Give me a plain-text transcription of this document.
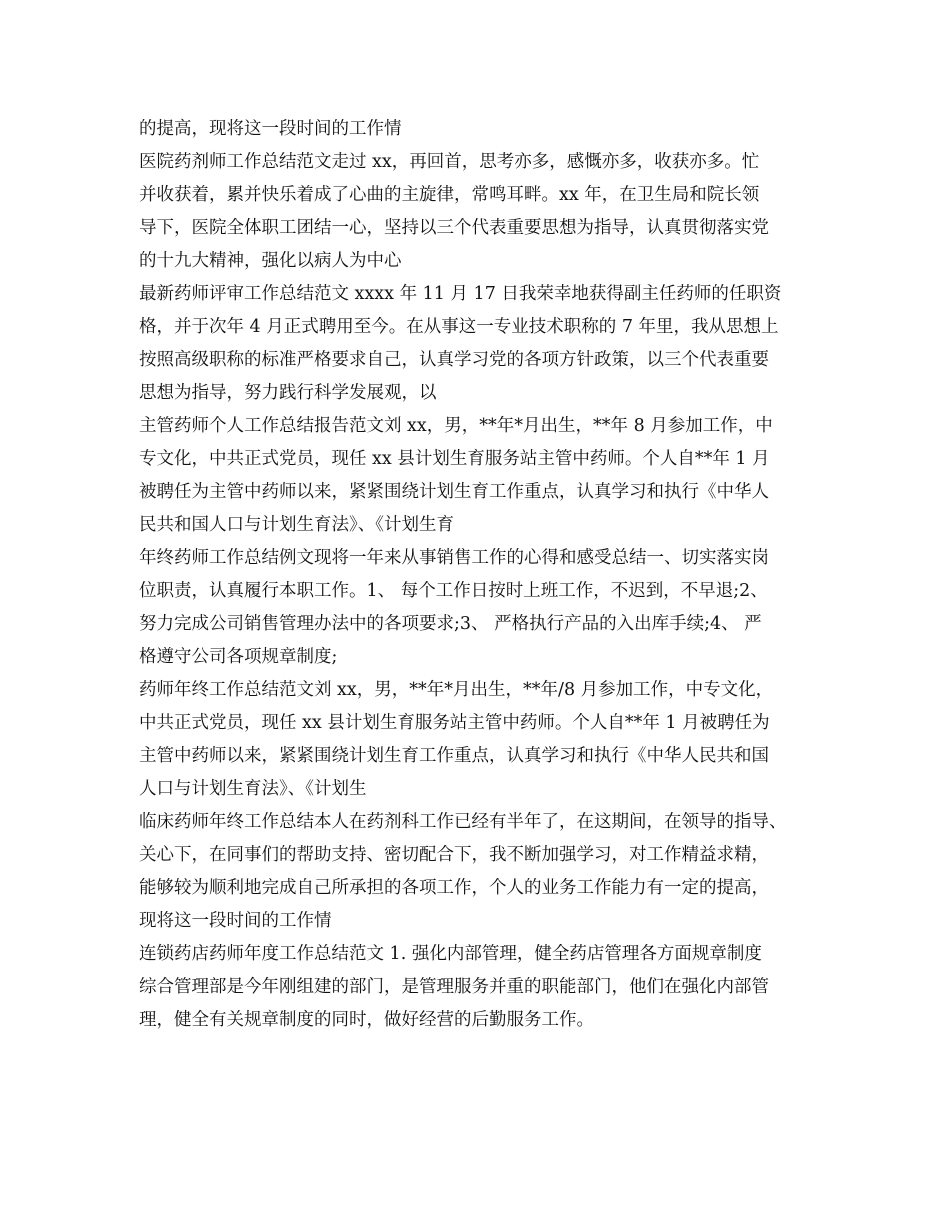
的提高，现将这一段时间的工作情

医院药剂师工作总结范文走过 xx，再回首，思考亦多，感慨亦多，收获亦多。忙
并收获着，累并快乐着成了心曲的主旋律，常鸣耳畔。xx 年，在卫生局和院长领
导下，医院全体职工团结一心，坚持以三个代表重要思想为指导，认真贯彻落实党
的十九大精神，强化以病人为中心

最新药师评审工作总结范文 xxxx 年 11 月 17 日我荣幸地获得副主任药师的任职资
格，并于次年 4 月正式聘用至今。在从事这一专业技术职称的 7 年里，我从思想上
按照高级职称的标准严格要求自己，认真学习党的各项方针政策，以三个代表重要
思想为指导，努力践行科学发展观，以

主管药师个人工作总结报告范文刘 xx，男，**年*月出生，**年 8 月参加工作，中
专文化，中共正式党员，现任 xx 县计划生育服务站主管中药师。个人自**年 1 月
被聘任为主管中药师以来，紧紧围绕计划生育工作重点，认真学习和执行《中华人
民共和国人口与计划生育法》、《计划生育

年终药师工作总结例文现将一年来从事销售工作的心得和感受总结一、切实落实岗
位职责，认真履行本职工作。1、 每个工作日按时上班工作，不迟到，不早退;2、
努力完成公司销售管理办法中的各项要求;3、 严格执行产品的入出库手续;4、 严
格遵守公司各项规章制度;

药师年终工作总结范文刘 xx，男，**年*月出生，**年/8 月参加工作，中专文化，
中共正式党员，现任 xx 县计划生育服务站主管中药师。个人自**年 1 月被聘任为
主管中药师以来，紧紧围绕计划生育工作重点，认真学习和执行《中华人民共和国
人口与计划生育法》、《计划生

临床药师年终工作总结本人在药剂科工作已经有半年了，在这期间，在领导的指导、
关心下，在同事们的帮助支持、密切配合下，我不断加强学习，对工作精益求精，
能够较为顺利地完成自己所承担的各项工作，个人的业务工作能力有一定的提高，
现将这一段时间的工作情

连锁药店药师年度工作总结范文 1. 强化内部管理，健全药店管理各方面规章制度
综合管理部是今年刚组建的部门，是管理服务并重的职能部门，他们在强化内部管
理，健全有关规章制度的同时，做好经营的后勤服务工作。
